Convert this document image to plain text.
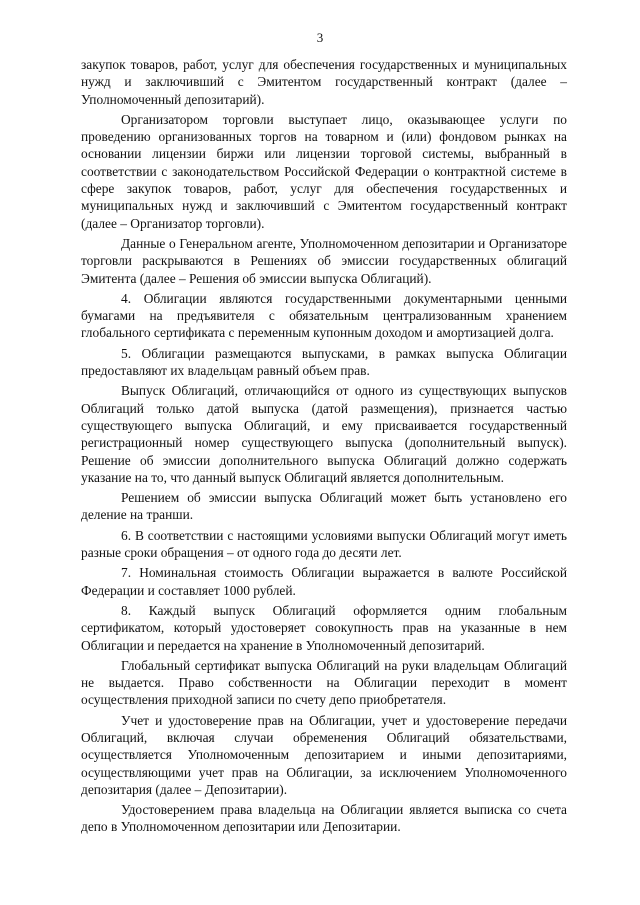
3

закупок товаров, работ, услуг для обеспечения государственных и муниципальных нужд и заключивший с Эмитентом государственный контракт (далее – Уполномоченный депозитарий).

Организатором торговли выступает лицо, оказывающее услуги по проведению организованных торгов на товарном и (или) фондовом рынках на основании лицензии биржи или лицензии торговой системы, выбранный в соответствии с законодательством Российской Федерации о контрактной системе в сфере закупок товаров, работ, услуг для обеспечения государственных и муниципальных нужд и заключивший с Эмитентом государственный контракт (далее – Организатор торговли).

Данные о Генеральном агенте, Уполномоченном депозитарии и Организаторе торговли раскрываются в Решениях об эмиссии государственных облигаций Эмитента (далее – Решения об эмиссии выпуска Облигаций).

4. Облигации являются государственными документарными ценными бумагами на предъявителя с обязательным централизованным хранением глобального сертификата с переменным купонным доходом и амортизацией долга.

5. Облигации размещаются выпусками, в рамках выпуска Облигации предоставляют их владельцам равный объем прав.

Выпуск Облигаций, отличающийся от одного из существующих выпусков Облигаций только датой выпуска (датой размещения), признается частью существующего выпуска Облигаций, и ему присваивается государственный регистрационный номер существующего выпуска (дополнительный выпуск). Решение об эмиссии дополнительного выпуска Облигаций должно содержать указание на то, что данный выпуск Облигаций является дополнительным.

Решением об эмиссии выпуска Облигаций может быть установлено его деление на транши.

6. В соответствии с настоящими условиями выпуски Облигаций могут иметь разные сроки обращения – от одного года до десяти лет.

7. Номинальная стоимость Облигации выражается в валюте Российской Федерации и составляет 1000 рублей.

8. Каждый выпуск Облигаций оформляется одним глобальным сертификатом, который удостоверяет совокупность прав на указанные в нем Облигации и передается на хранение в Уполномоченный депозитарий.

Глобальный сертификат выпуска Облигаций на руки владельцам Облигаций не выдается. Право собственности на Облигации переходит в момент осуществления приходной записи по счету депо приобретателя.

Учет и удостоверение прав на Облигации, учет и удостоверение передачи Облигаций, включая случаи обременения Облигаций обязательствами, осуществляется Уполномоченным депозитарием и иными депозитариями, осуществляющими учет прав на Облигации, за исключением Уполномоченного депозитария (далее – Депозитарии).

Удостоверением права владельца на Облигации является выписка со счета депо в Уполномоченном депозитарии или Депозитарии.
